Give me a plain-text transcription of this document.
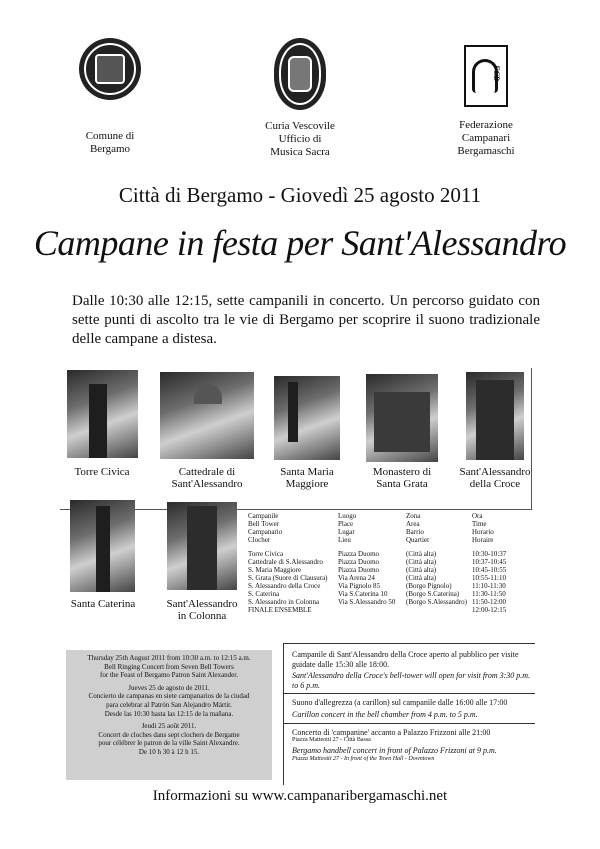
Comune di
Bergamo
Curia Vescovile
Ufficio di
Musica Sacra
FCB
Federazione
Campanari
Bergamaschi
Città di Bergamo - Giovedì 25 agosto 2011
Campane in festa per Sant'Alessandro
Dalle 10:30 alle 12:15, sette campanili in concerto. Un percorso guidato con sette punti di ascolto tra le vie di Bergamo per scoprire il suono tradizionale delle campane a distesa.
Torre Civica	Cattedrale di
Sant'Alessandro
Santa Maria
Maggiore
Monastero di
Santa Grata
Sant'Alessandro
della Croce
Santa Caterina	Sant'Alessandro
in Colonna
Campanile	Luogo	Zona	Ora
Bell Tower	Place	Area	Time
Campanario	Lugar	Barrio	Horario
Clocher	Lieu	Quartier	Horaire
Torre Civica	Piazza Duomo	(Città alta)	10:30-10:37
Cattedrale di S.Alessandro	Piazza Duomo	(Città alta)	10:37-10:45
S. Maria Maggiore	Piazza Duomo	(Città alta)	10:45-10:55
S. Grata (Suore di Clausura)	Via Arena 24	(Città alta)	10:55-11:10
S. Alessandro della Croce	Via Pignolo 85	(Borgo Pignolo)	11:10-11:30
S. Caterina	Via S.Caterina 10	(Borgo S.Caterina)	11:30-11:50
S. Alessandro in Colonna	Via S.Alessandro 50	(Borgo S.Alessandro) 11:50-12:00
FINALE ENSEMBLE	12:00-12:15

Thursday 25th August 2011 from 10:30 a.m. to 12:15 a.m.
Bell Ringing Concert from Seven Bell Towers
for the Feast of Bergamo Patron Saint Alexander.

Jueves 25 de agosto de 2011.
Concierto de campanas en siete campanarios de la ciudad
para celebrar al Patrón San Alejandro Mártir.
Desde las 10:30 hasta las 12:15 de la mañana.

Jeudi 25 août 2011.
Concert de cloches dans sept clochers de Bergame
pour célébrer le patron de la ville Saint Alexandre.
De 10 h 30 à 12 h 15.

Campanile di Sant'Alessandro della Croce aperto al pubblico per visite guidate dalle 15:30 alle 18:00.

Sant'Alessandro della Croce's bell-tower will open for visit from 3:30 p.m. to 6 p.m.

Suono d'allegrezza (a carillon) sul campanile dalle 16:00 alle 17:00

Carillon concert in the bell chamber from 4 p.m. to 5 p.m.

Concerto di 'campanine' accanto a Palazzo Frizzoni alle 21:00

Piazza Matteotti 27 - Città Bassa

Bergamo handbell concert in front of Palazzo Frizzoni at 9 p.m.

Piazza Matteotti 27 - In front of the Town Hall - Downtown

Informazioni su www.campanaribergamaschi.net
